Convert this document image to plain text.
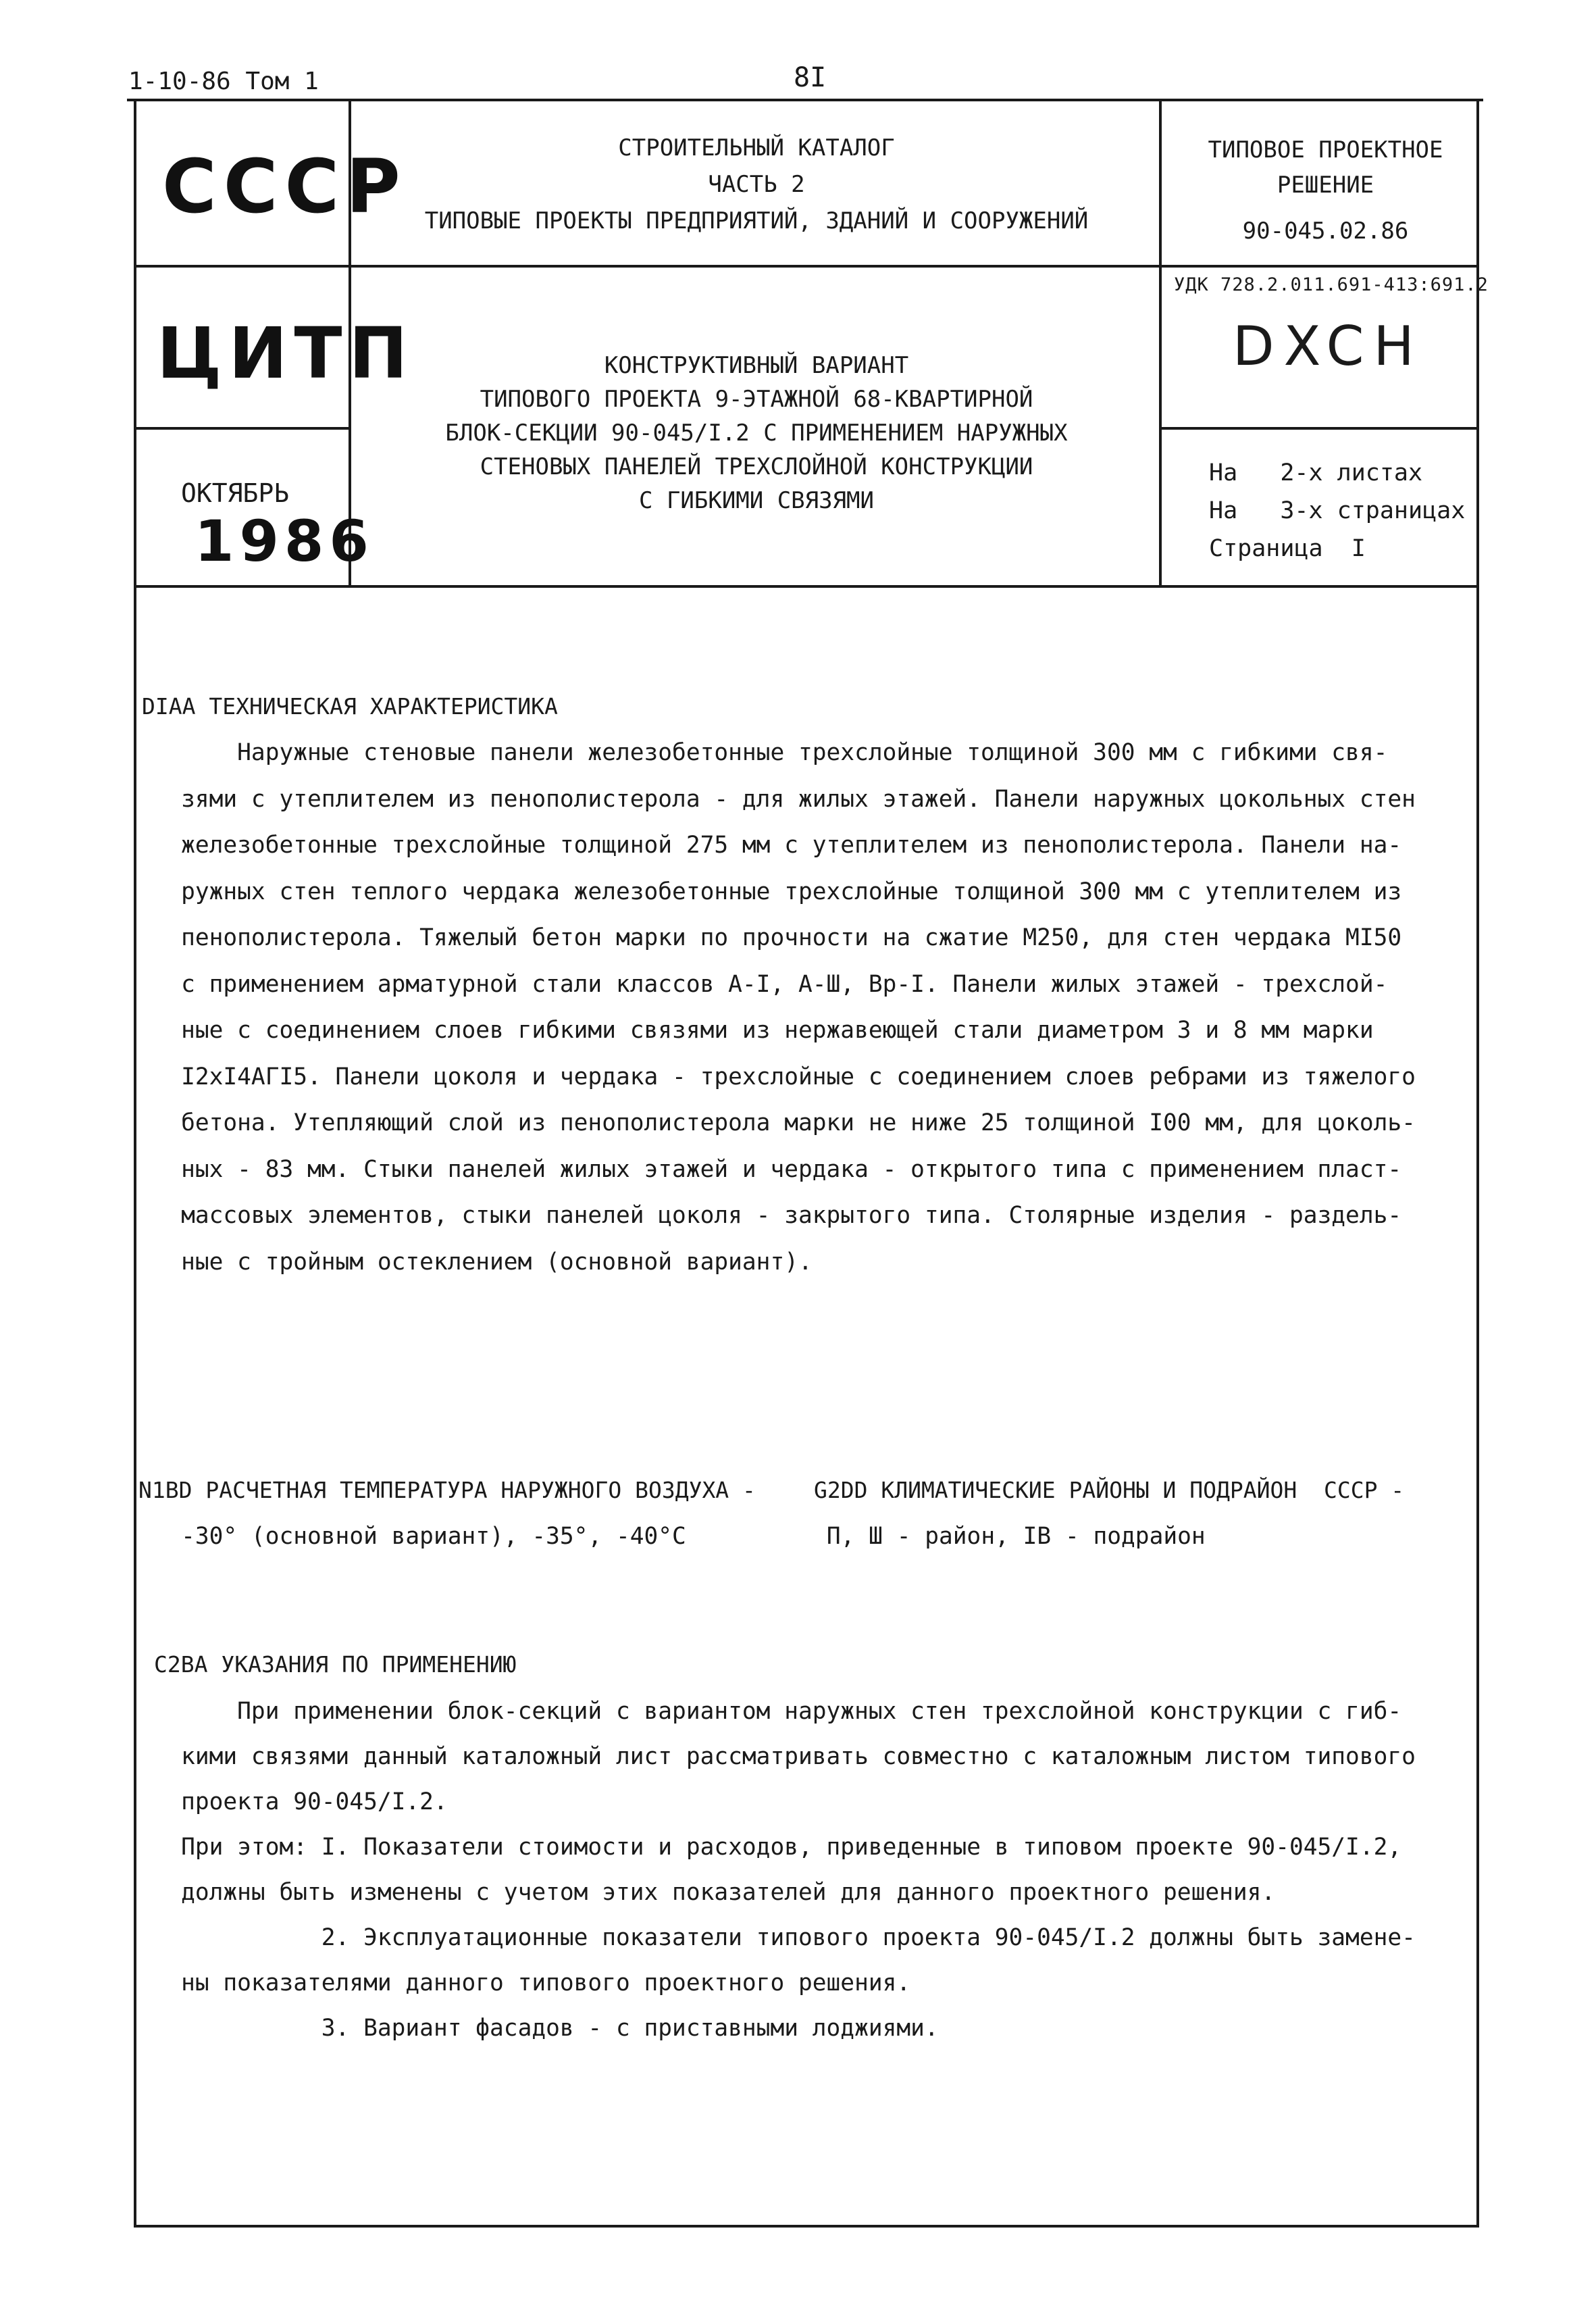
1-10-86 Том 1	8I
СССР
ЦИТП
ОКТЯБРЬ
1986
СТРОИТЕЛЬНЫЙ КАТАЛОГ
ЧАСТЬ 2
ТИПОВЫЕ ПРОЕКТЫ ПРЕДПРИЯТИЙ, ЗДАНИЙ И СООРУЖЕНИЙ
ТИПОВОЕ ПРОЕКТНОЕ
РЕШЕНИЕ
90-045.02.86
УДК 728.2.011.691-413:691.2
DXCH
КОНСТРУКТИВНЫЙ ВАРИАНТ
ТИПОВОГО ПРОЕКТА 9-ЭТАЖНОЙ 68-КВАРТИРНОЙ
БЛОК-СЕКЦИИ 90-045/I.2 С ПРИМЕНЕНИЕМ НАРУЖНЫХ
СТЕНОВЫХ ПАНЕЛЕЙ ТРЕХСЛОЙНОЙ КОНСТРУКЦИИ
С ГИБКИМИ СВЯЗЯМИ
На   2-х листах
На   3-х страницах
Страница  I
DIAA ТЕХНИЧЕСКАЯ ХАРАКТЕРИСТИКА
Наружные стеновые панели железобетонные трехслойные толщиной 300 мм с гибкими свя-
зями с утеплителем из пенополистерола - для жилых этажей. Панели наружных цокольных стен
железобетонные трехслойные толщиной 275 мм с утеплителем из пенополистерола. Панели на-
ружных стен теплого чердака железобетонные трехслойные толщиной 300 мм с утеплителем из
пенополистерола. Тяжелый бетон марки по прочности на сжатие М250, для стен чердака МI50
с применением арматурной стали классов А-I, А-Ш, Вр-I. Панели жилых этажей - трехслой-
ные с соединением слоев гибкими связями из нержавеющей стали диаметром 3 и 8 мм марки
I2хI4АГI5. Панели цоколя и чердака - трехслойные с соединением слоев ребрами из тяжелого
бетона. Утепляющий слой из пенополистерола марки не ниже 25 толщиной I00 мм, для цоколь-
ных - 83 мм. Стыки панелей жилых этажей и чердака - открытого типа с применением пласт-
массовых элементов, стыки панелей цоколя - закрытого типа. Столярные изделия - раздель-
ные с тройным остеклением (основной вариант).
N1BD РАСЧЕТНАЯ ТЕМПЕРАТУРА НАРУЖНОГО ВОЗДУХА -
-30° (основной вариант), -35°, -40°С
G2DD КЛИМАТИЧЕСКИЕ РАЙОНЫ И ПОДРАЙОН  СССР -
П, Ш - район, IВ - подрайон
C2BA УКАЗАНИЯ ПО ПРИМЕНЕНИЮ
При применении блок-секций с вариантом наружных стен трехслойной конструкции с гиб-
кими связями данный каталожный лист рассматривать совместно с каталожным листом типового
проекта 90-045/I.2.
При этом: I. Показатели стоимости и расходов, приведенные в типовом проекте 90-045/I.2,
должны быть изменены с учетом этих показателей для данного проектного решения.
2. Эксплуатационные показатели типового проекта 90-045/I.2 должны быть замене-
ны показателями данного типового проектного решения.
3. Вариант фасадов - с приставными лоджиями.
